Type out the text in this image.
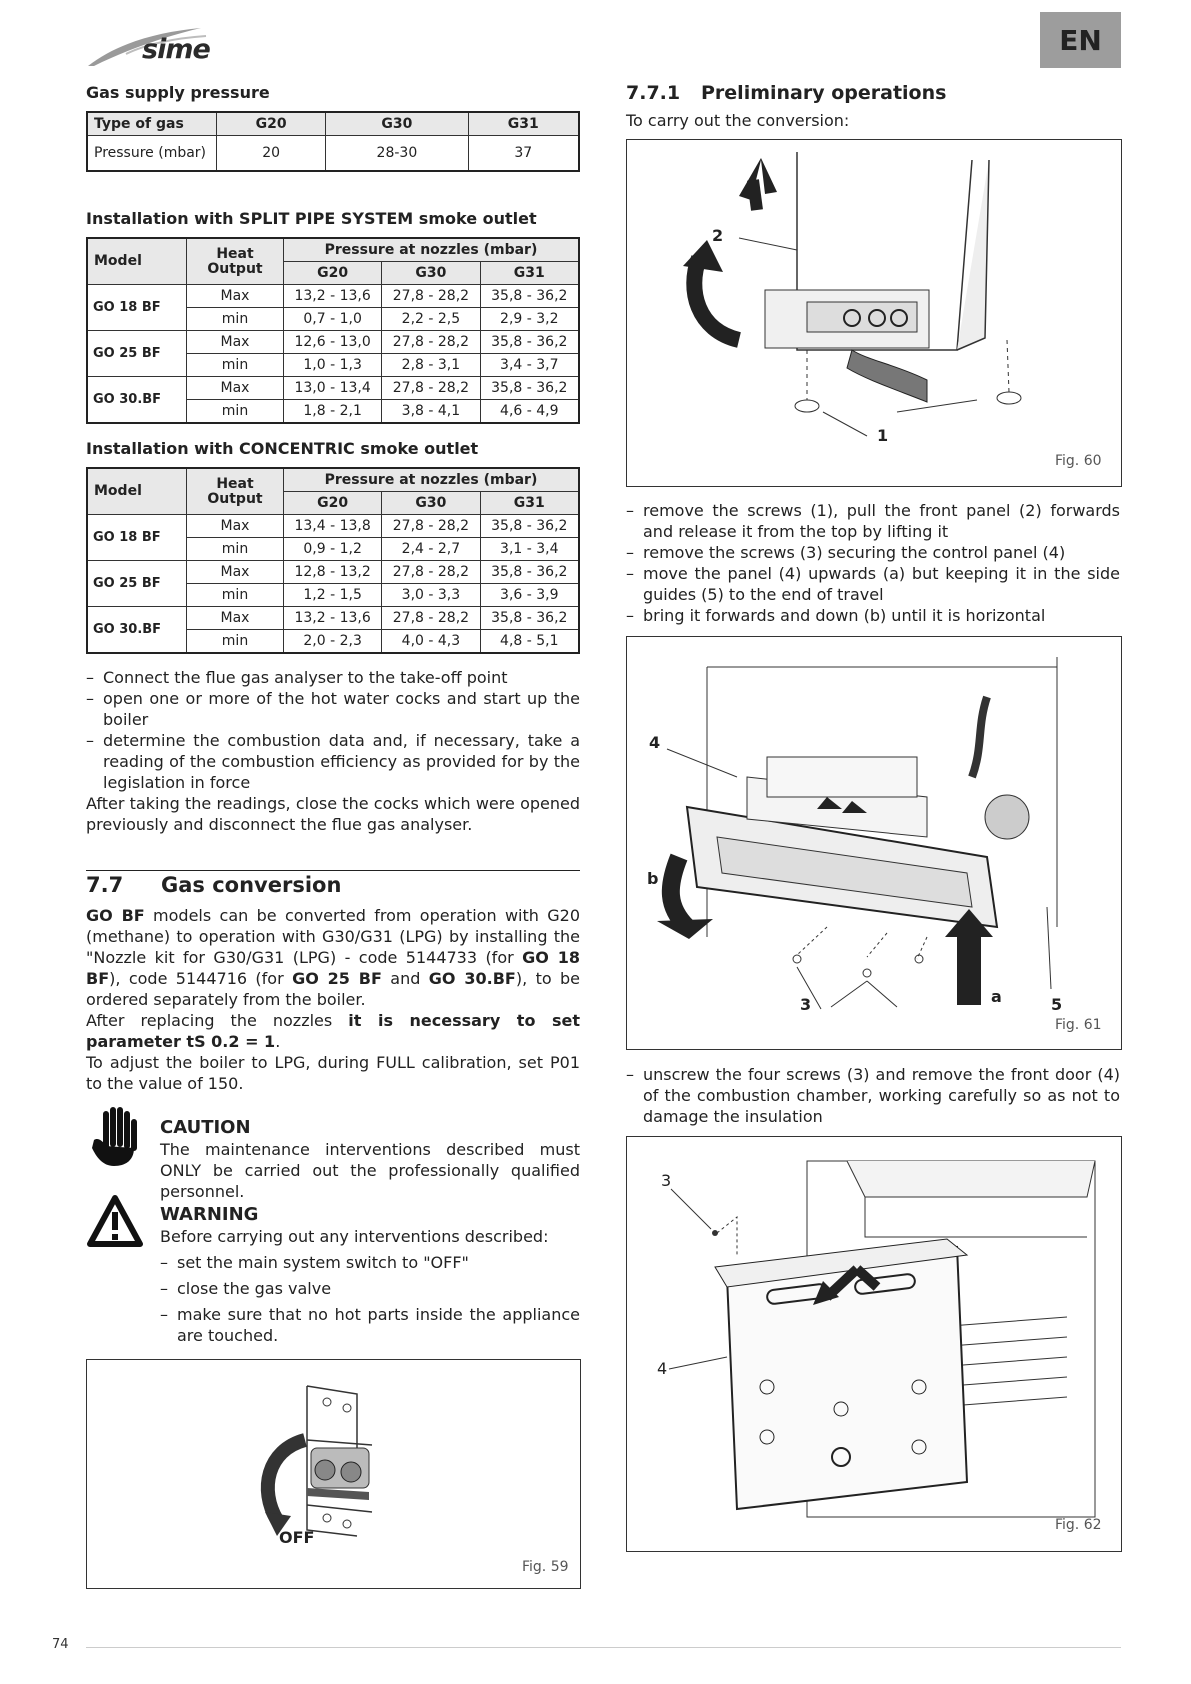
sime	EN
Gas supply pressure
Type of gas	G20	G30	G31
Pressure (mbar)	20	28-30	37
Installation with SPLIT PIPE SYSTEM smoke outlet
Model	Heat Output	Pressure at nozzles (mbar)		
		G20	G30	G31
GO 18 BF	Max	13,2 - 13,6	27,8 - 28,2	35,8 - 36,2
	min	0,7 - 1,0	2,2 - 2,5	2,9 - 3,2
GO 25 BF	Max	12,6 - 13,0	27,8 - 28,2	35,8 - 36,2
	min	1,0 - 1,3	2,8 - 3,1	3,4 - 3,7
GO 30.BF	Max	13,0 - 13,4	27,8 - 28,2	35,8 - 36,2
	min	1,8 - 2,1	3,8 - 4,1	4,6 - 4,9
Installation with CONCENTRIC smoke outlet
Model	Heat Output	Pressure at nozzles (mbar)		
		G20	G30	G31
GO 18 BF	Max	13,4 - 13,8	27,8 - 28,2	35,8 - 36,2
	min	0,9 - 1,2	2,4 - 2,7	3,1 - 3,4
GO 25 BF	Max	12,8 - 13,2	27,8 - 28,2	35,8 - 36,2
	min	1,2 - 1,5	3,0 - 3,3	3,6 - 3,9
GO 30.BF	Max	13,2 - 13,6	27,8 - 28,2	35,8 - 36,2
	min	2,0 - 2,3	4,0 - 4,3	4,8 - 5,1
– Connect the flue gas analyser to the take-off point
– open one or more of the hot water cocks and start up the boiler
– determine the combustion data and, if necessary, take a reading of the combustion efficiency as provided for by the legislation in force
After taking the readings, close the cocks which were opened previously and disconnect the flue gas analyser.
7.7 Gas conversion
GO BF models can be converted from operation with G20 (methane) to operation with G30/G31 (LPG) by installing the "Nozzle kit for G30/G31 (LPG) - code 5144733 (for GO 18 BF), code 5144716 (for GO 25 BF and GO 30.BF), to be ordered separately from the boiler.
After replacing the nozzles it is necessary to set parameter tS 0.2 = 1.
To adjust the boiler to LPG, during FULL calibration, set P01 to the value of 150.
CAUTION
The maintenance interventions described must ONLY be carried out the professionally qualified personnel.
WARNING
Before carrying out any interventions described:
– set the main system switch to "OFF"
– close the gas valve
– make sure that no hot parts inside the appliance are touched.
OFF
Fig. 59
7.7.1 Preliminary operations
To carry out the conversion:
2
1
Fig. 60
– remove the screws (1), pull the front panel (2) forwards and release it from the top by lifting it
– remove the screws (3) securing the control panel (4)
– move the panel (4) upwards (a) but keeping it in the side guides (5) to the end of travel
– bring it forwards and down (b) until it is horizontal
4
b
3	a	5
Fig. 61
– unscrew the four screws (3) and remove the front door (4) of the combustion chamber, working carefully so as not to damage the insulation
3
4
Fig. 62
74
